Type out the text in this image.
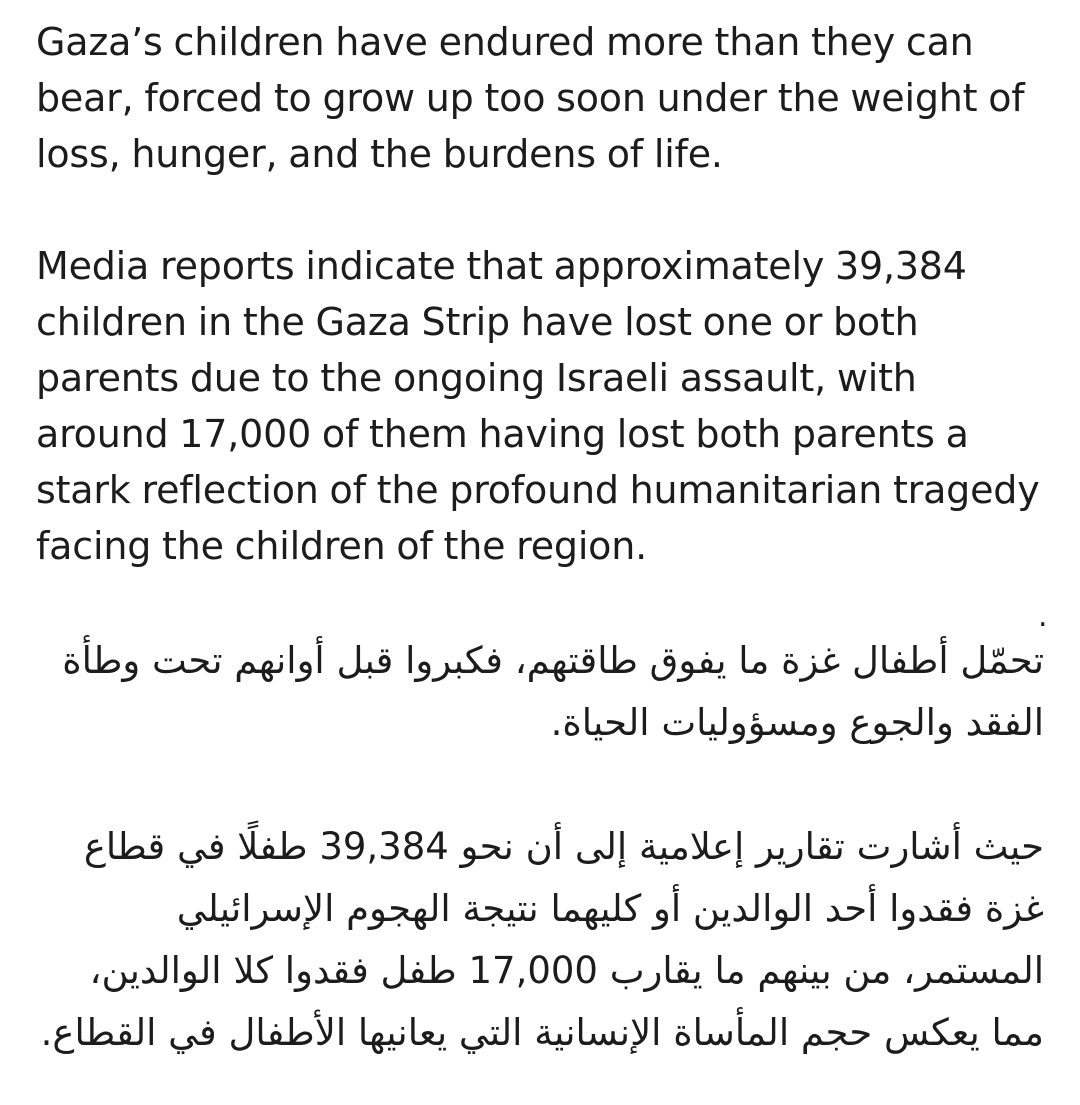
Gaza’s children have endured more than they can bear, forced to grow up too soon under the weight of loss, hunger, and the burdens of life.

Media reports indicate that approximately 39,384 children in the Gaza Strip have lost one or both parents due to the ongoing Israeli assault, with around 17,000 of them having lost both parents a stark reflection of the profound humanitarian tragedy facing the children of the region.

.

تحمّل أطفال غزة ما يفوق طاقتهم، فكبروا قبل أوانهم تحت وطأة الفقد والجوع ومسؤوليات الحياة.

حيث أشارت تقارير إعلامية إلى أن نحو 39,384 طفلًا في قطاع غزة فقدوا أحد الوالدين أو كليهما نتيجة الهجوم الإسرائيلي المستمر، من بينهم ما يقارب 17,000 طفل فقدوا كلا الوالدين، مما يعكس حجم المأساة الإنسانية التي يعانيها الأطفال في القطاع.
